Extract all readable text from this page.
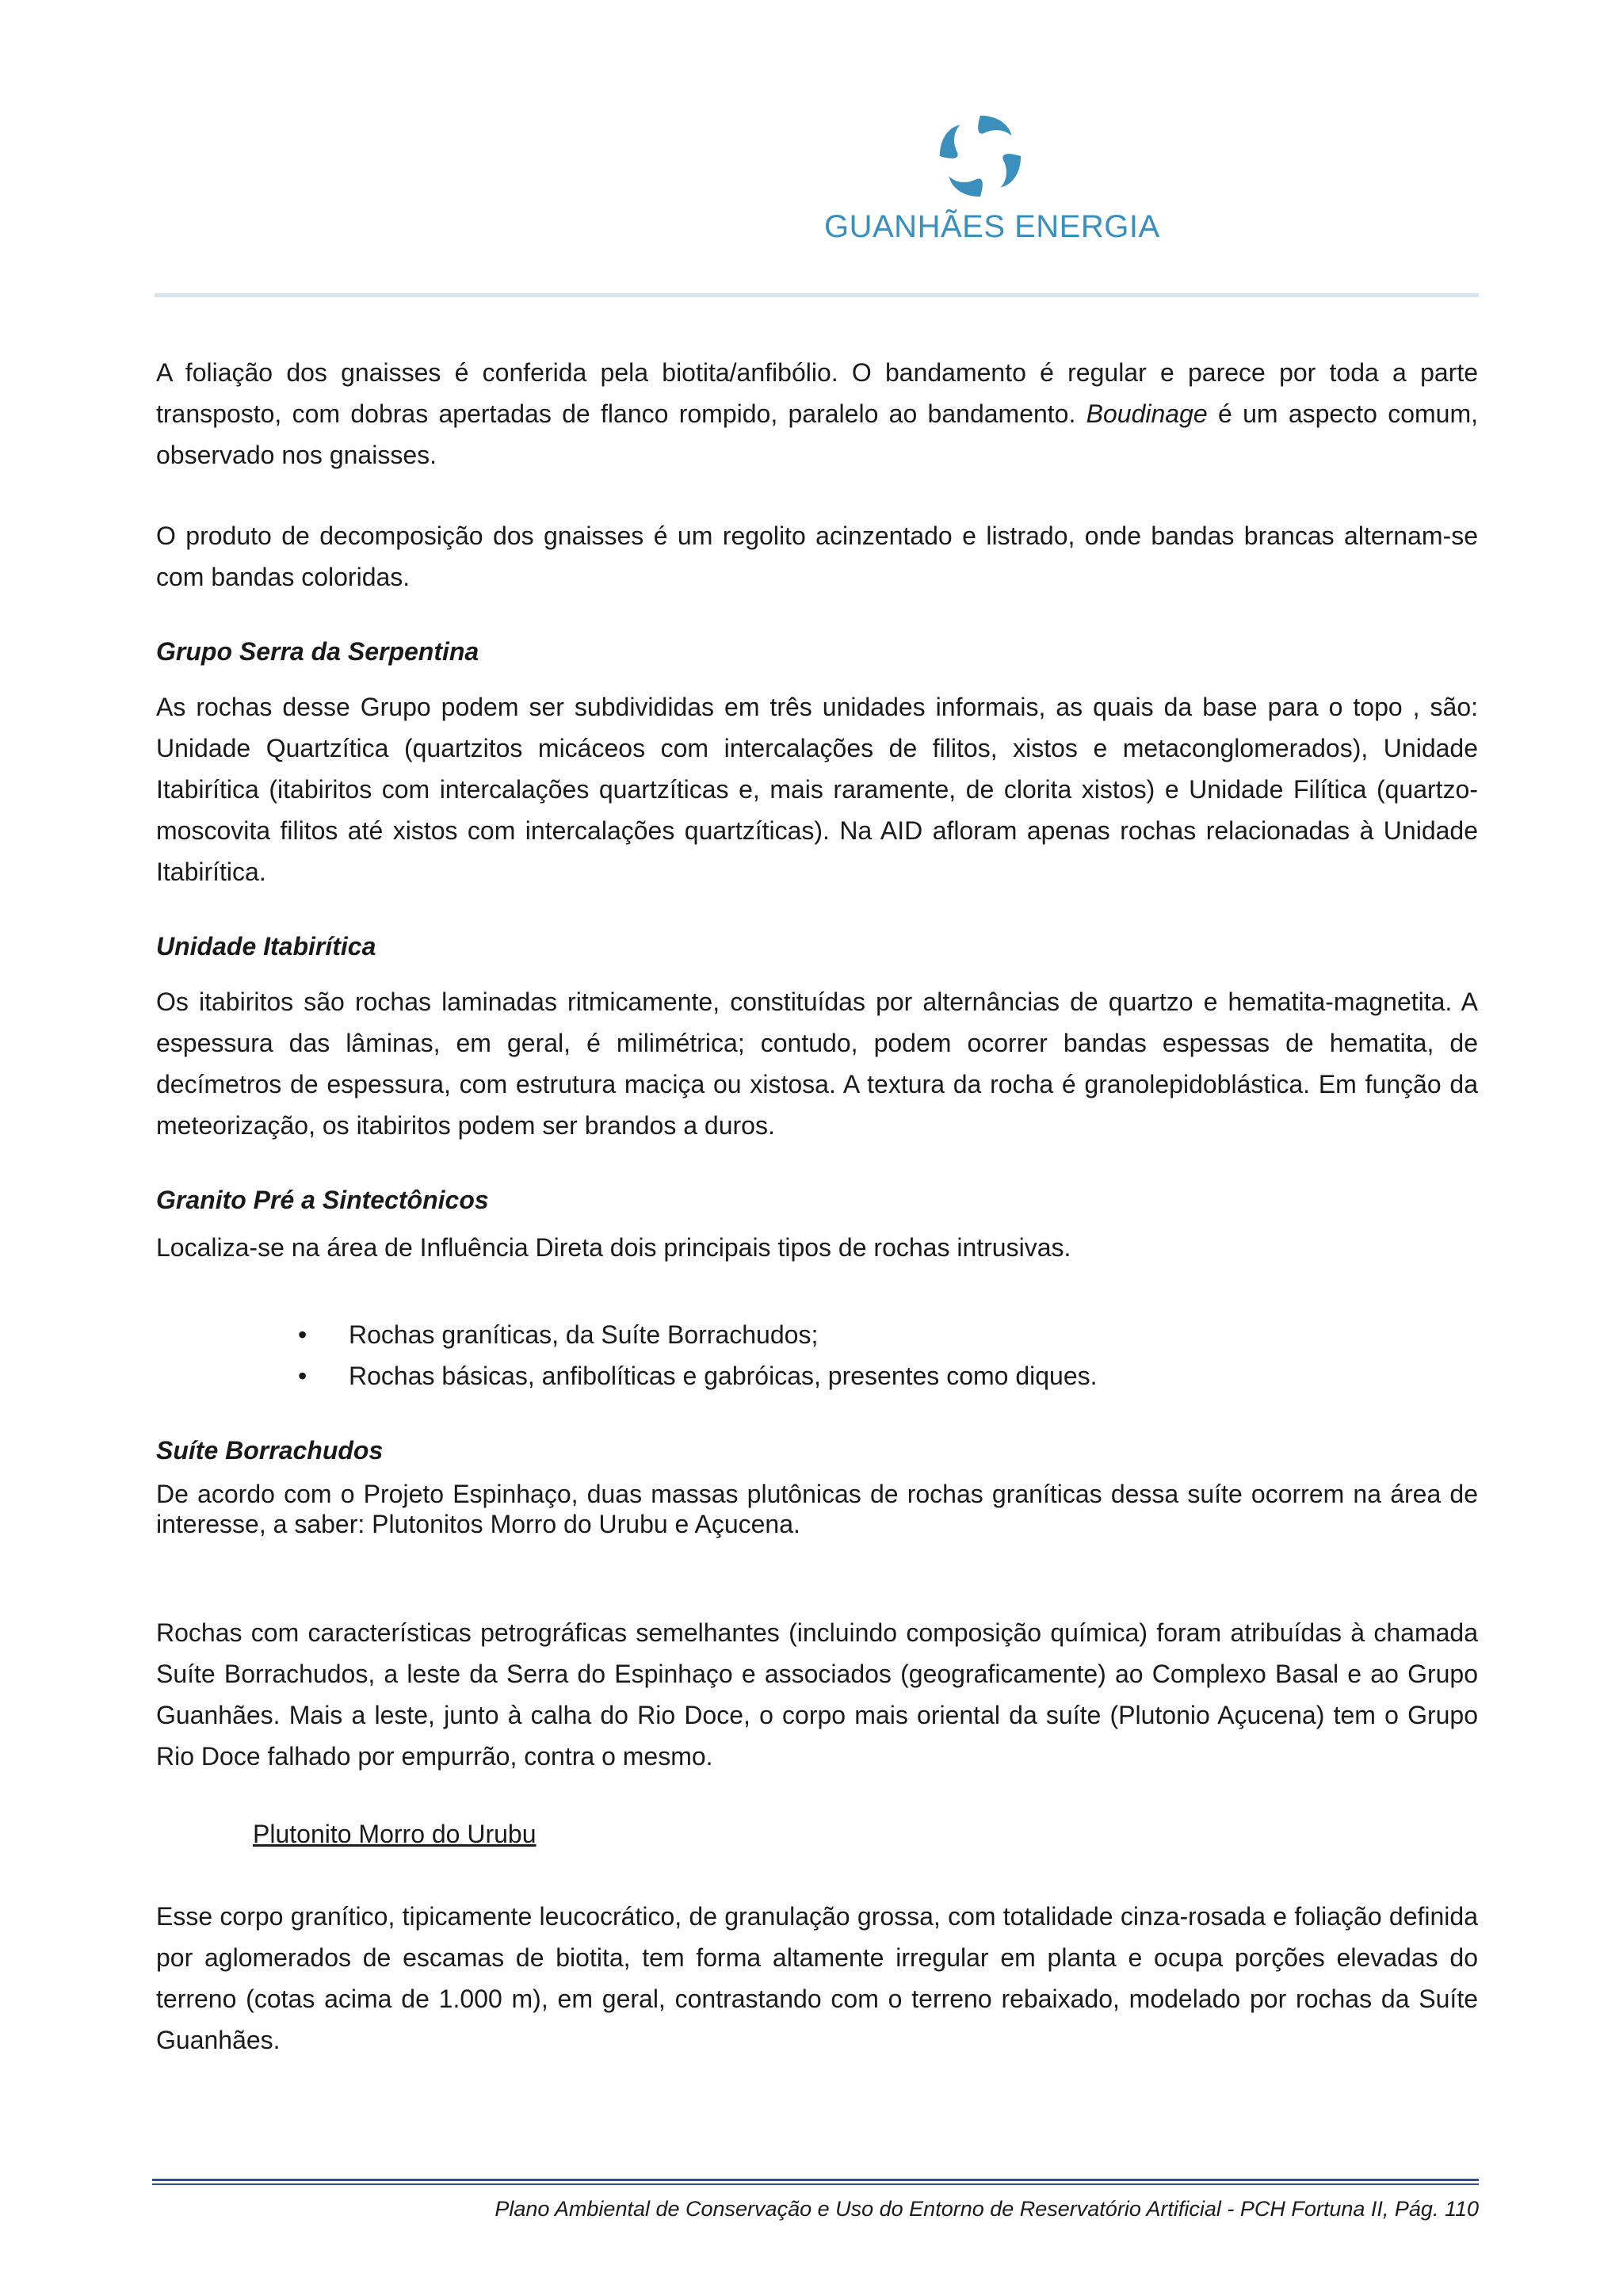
GUANHÃES ENERGIA

A foliação dos gnaisses é conferida pela biotita/anfibólio. O bandamento é regular e parece por toda a parte transposto, com dobras apertadas de flanco rompido, paralelo ao bandamento. Boudinage é um aspecto comum, observado nos gnaisses.

O produto de decomposição dos gnaisses é um regolito acinzentado e listrado, onde bandas brancas alternam-se com bandas coloridas.

Grupo Serra da Serpentina

As rochas desse Grupo podem ser subdivididas em três unidades informais, as quais da base para o topo , são: Unidade Quartzítica (quartzitos micáceos com intercalações de filitos, xistos e metaconglomerados), Unidade Itabirítica (itabiritos com intercalações quartzíticas e, mais raramente, de clorita xistos) e Unidade Filítica (quartzo-moscovita filitos até xistos com intercalações quartzíticas). Na AID afloram apenas rochas relacionadas à Unidade Itabirítica.

Unidade Itabirítica

Os itabiritos são rochas laminadas ritmicamente, constituídas por alternâncias de quartzo e hematita-magnetita. A espessura das lâminas, em geral, é milimétrica; contudo, podem ocorrer bandas espessas de hematita, de decímetros de espessura, com estrutura maciça ou xistosa. A textura da rocha é granolepidoblástica. Em função da meteorização, os itabiritos podem ser brandos a duros.

Granito Pré a Sintectônicos

Localiza-se na área de Influência Direta dois principais tipos de rochas intrusivas.

• Rochas graníticas, da Suíte Borrachudos;
• Rochas básicas, anfibolíticas e gabróicas, presentes como diques.

Suíte Borrachudos

De acordo com o Projeto Espinhaço, duas massas plutônicas de rochas graníticas dessa suíte ocorrem na área de interesse, a saber: Plutonitos Morro do Urubu e Açucena.

Rochas com características petrográficas semelhantes (incluindo composição química) foram atribuídas à chamada Suíte Borrachudos, a leste da Serra do Espinhaço e associados (geograficamente) ao Complexo Basal e ao Grupo Guanhães. Mais a leste, junto à calha do Rio Doce, o corpo mais oriental da suíte (Plutonio Açucena) tem o Grupo Rio Doce falhado por empurrão, contra o mesmo.

Plutonito Morro do Urubu

Esse corpo granítico, tipicamente leucocrático, de granulação grossa, com totalidade cinza-rosada e foliação definida por aglomerados de escamas de biotita, tem forma altamente irregular em planta e ocupa porções elevadas do terreno (cotas acima de 1.000 m), em geral, contrastando com o terreno rebaixado, modelado por rochas da Suíte Guanhães.

Plano Ambiental de Conservação e Uso do Entorno de Reservatório Artificial - PCH Fortuna II, Pág. 110
